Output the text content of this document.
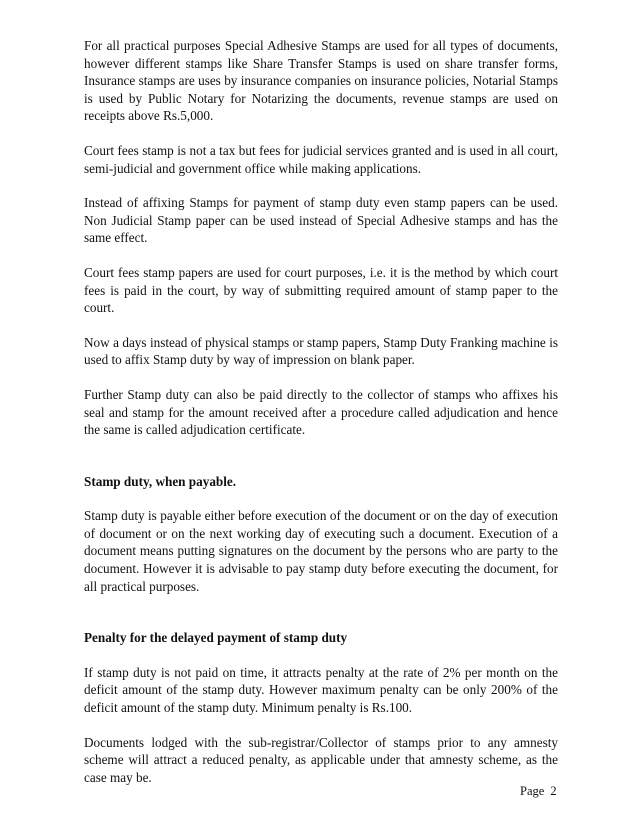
For all practical purposes Special Adhesive Stamps are used for all types of documents, however different stamps like Share Transfer Stamps is used on share transfer forms, Insurance stamps are uses by insurance companies on insurance policies, Notarial Stamps is used by Public Notary for Notarizing the documents, revenue stamps are used on receipts above Rs.5,000.

Court fees stamp is not a tax but fees for judicial services granted and is used in all court, semi-judicial and government office while making applications.

Instead of affixing Stamps for payment of stamp duty even stamp papers can be used. Non Judicial Stamp paper can be used instead of Special Adhesive stamps and has the same effect.

Court fees stamp papers are used for court purposes, i.e. it is the method by which court fees is paid in the court, by way of submitting required amount of stamp paper to the court.

Now a days instead of physical stamps or stamp papers, Stamp Duty Franking machine is used to affix Stamp duty by way of impression on blank paper.

Further Stamp duty can also be paid directly to the collector of stamps who affixes his seal and stamp for the amount received after a procedure called adjudication and hence the same is called adjudication certificate.

Stamp duty, when payable.

Stamp duty is payable either before execution of the document or on the day of execution of document or on the next working day of executing such a document. Execution of a document means putting signatures on the document by the persons who are party to the document. However it is advisable to pay stamp duty before executing the document, for all practical purposes.

Penalty for the delayed payment of stamp duty

If stamp duty is not paid on time, it attracts penalty at the rate of 2% per month on the deficit amount of the stamp duty. However maximum penalty can be only 200% of the deficit amount of the stamp duty. Minimum penalty is Rs.100.

Documents lodged with the sub-registrar/Collector of stamps prior to any amnesty scheme will attract a reduced penalty, as applicable under that amnesty scheme, as the case may be.

Page 2
